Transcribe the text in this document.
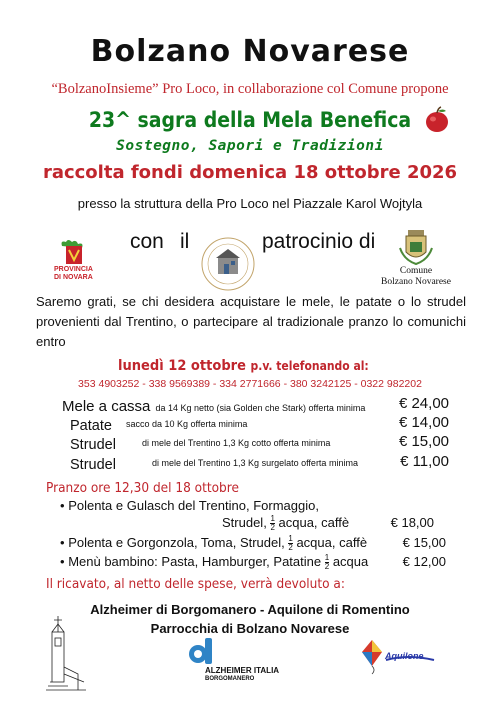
Bolzano Novarese
“BolzanoInsieme” Pro Loco, in collaborazione col Comune propone
23^ sagra della Mela Benefica
Sostegno, Sapori e Tradizioni
raccolta fondi domenica 18 ottobre 2026
presso la struttura della Pro Loco nel Piazzale Karol Wojtyla
PROVINCIA
DI NOVARA
con il	patrocinio di
Comune
Bolzano Novarese
Saremo grati, se chi desidera acquistare le mele, le patate o lo strudel provenienti dal Trentino, o partecipare al tradizionale pranzo lo comunichi entro
lunedì 12 ottobre p.v. telefonando al:
353 4903252 - 338 9569389 - 334 2771666 - 380 3242125 - 0322 982202
Mele a cassa da 14 Kg netto (sia Golden che Stark) offerta minima	€ 24,00
Patate sacco da 10 Kg offerta minima	€ 14,00
Strudel	di mele del Trentino 1,3 Kg cotto offerta minima	€ 15,00
Strudel	di mele del Trentino 1,3 Kg surgelato offerta minima	€ 11,00
Pranzo ore 12,30 del 18 ottobre
• Polenta e Gulasch del Trentino, Formaggio,
Strudel, $\frac{1}{2}$ acqua, caffè	€ 18,00
• Polenta e Gorgonzola, Toma, Strudel, $\frac{1}{2}$ acqua, caffè	€ 15,00
• Menù bambino: Pasta, Hamburger, Patatine $\frac{1}{2}$ acqua	€ 12,00
Il ricavato, al netto delle spese, verrà devoluto a:
Alzheimer di Borgomanero - Aquilone di Romentino
Parrocchia di Bolzano Novarese
ALZHEIMER ITALIA
BORGOMANERO
Aquilone
